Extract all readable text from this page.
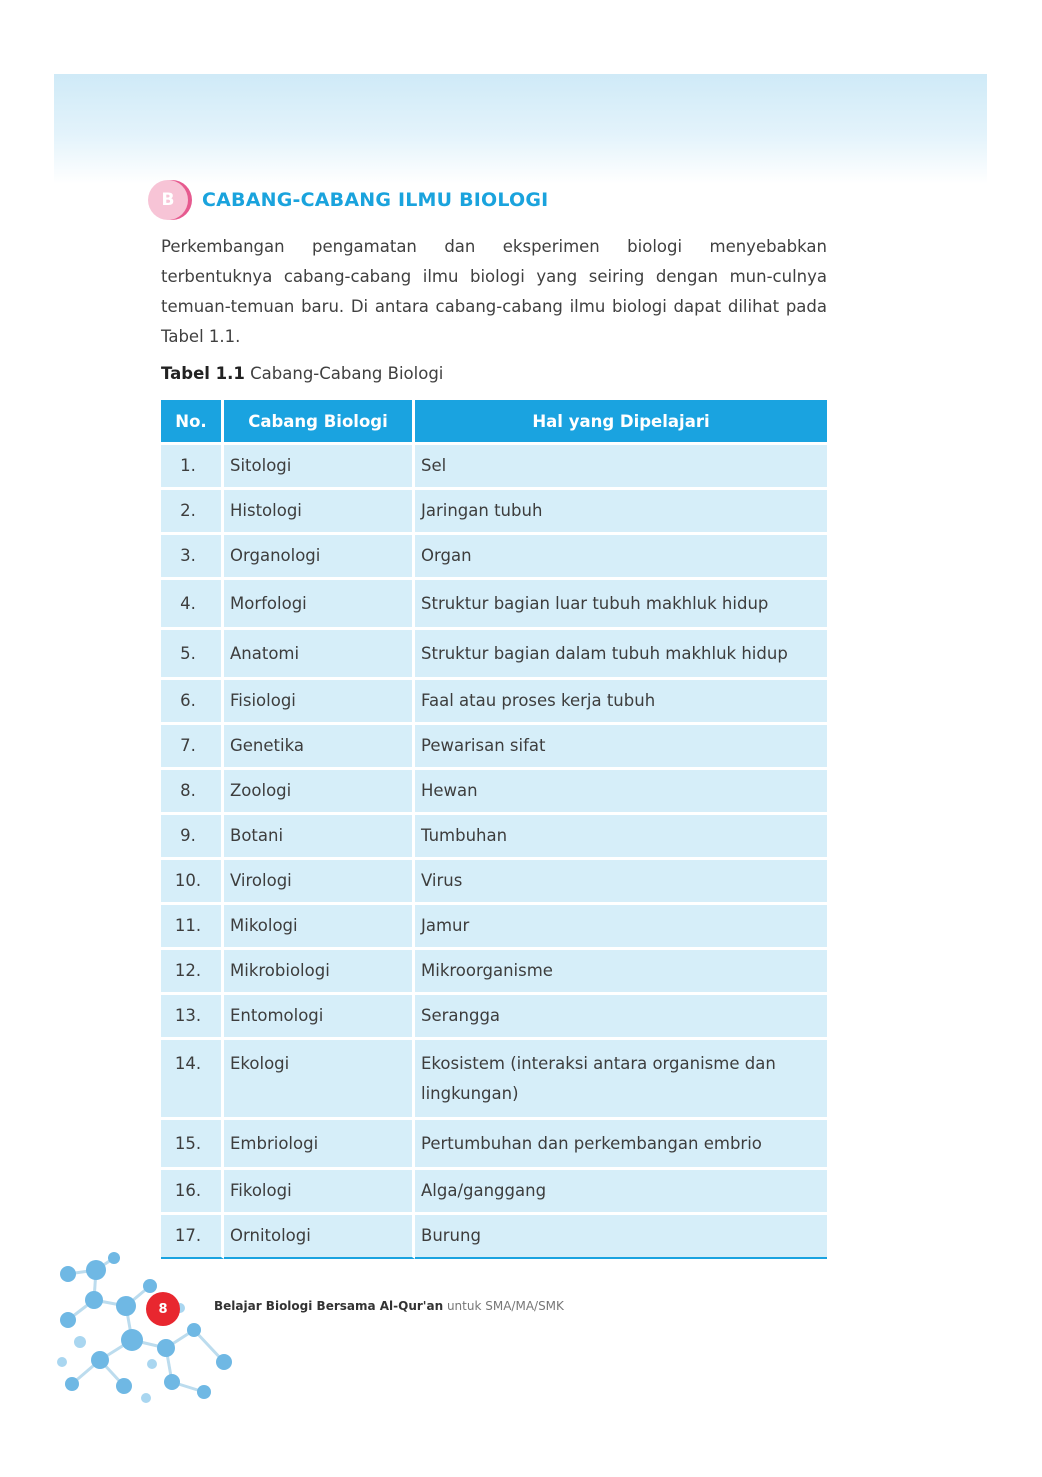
B	CABANG-CABANG ILMU BIOLOGI

Perkembangan pengamatan dan eksperimen biologi menyebabkan terbentuknya cabang-cabang ilmu biologi yang seiring dengan mun-culnya temuan-temuan baru. Di antara cabang-cabang ilmu biologi dapat dilihat pada Tabel 1.1.

Tabel 1.1 Cabang-Cabang Biologi
No.	Cabang Biologi	Hal yang Dipelajari
1.	Sitologi	Sel
2.	Histologi	Jaringan tubuh
3.	Organologi	Organ
4.	Morfologi	Struktur bagian luar tubuh makhluk hidup
5.	Anatomi	Struktur bagian dalam tubuh makhluk hidup
6.	Fisiologi	Faal atau proses kerja tubuh
7.	Genetika	Pewarisan sifat
8.	Zoologi	Hewan
9.	Botani	Tumbuhan
10.	Virologi	Virus
11.	Mikologi	Jamur
12.	Mikrobiologi	Mikroorganisme
13.	Entomologi	Serangga
14.	Ekologi	Ekosistem (interaksi antara organisme dan lingkungan)
15.	Embriologi	Pertumbuhan dan perkembangan embrio
16.	Fikologi	Alga/ganggang
17.	Ornitologi	Burung
8	Belajar Biologi Bersama Al-Qur'an untuk SMA/MA/SMK
